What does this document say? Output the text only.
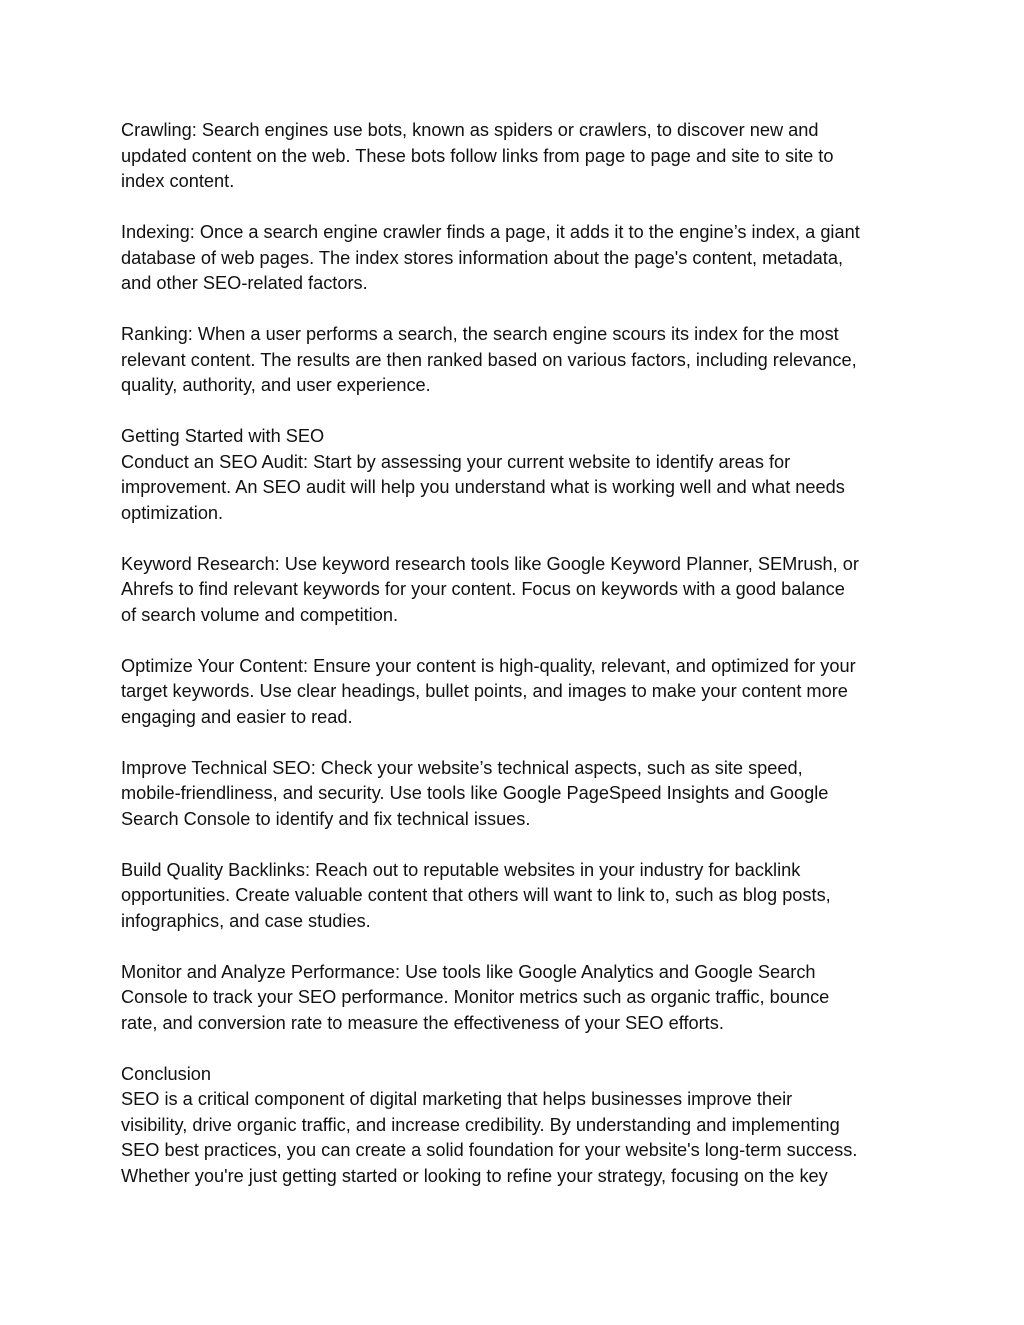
Crawling: Search engines use bots, known as spiders or crawlers, to discover new and
updated content on the web. These bots follow links from page to page and site to site to
index content.

Indexing: Once a search engine crawler finds a page, it adds it to the engine’s index, a giant
database of web pages. The index stores information about the page's content, metadata,
and other SEO-related factors.

Ranking: When a user performs a search, the search engine scours its index for the most
relevant content. The results are then ranked based on various factors, including relevance,
quality, authority, and user experience.

Getting Started with SEO
Conduct an SEO Audit: Start by assessing your current website to identify areas for
improvement. An SEO audit will help you understand what is working well and what needs
optimization.

Keyword Research: Use keyword research tools like Google Keyword Planner, SEMrush, or
Ahrefs to find relevant keywords for your content. Focus on keywords with a good balance
of search volume and competition.

Optimize Your Content: Ensure your content is high-quality, relevant, and optimized for your
target keywords. Use clear headings, bullet points, and images to make your content more
engaging and easier to read.

Improve Technical SEO: Check your website’s technical aspects, such as site speed,
mobile-friendliness, and security. Use tools like Google PageSpeed Insights and Google
Search Console to identify and fix technical issues.

Build Quality Backlinks: Reach out to reputable websites in your industry for backlink
opportunities. Create valuable content that others will want to link to, such as blog posts,
infographics, and case studies.

Monitor and Analyze Performance: Use tools like Google Analytics and Google Search
Console to track your SEO performance. Monitor metrics such as organic traffic, bounce
rate, and conversion rate to measure the effectiveness of your SEO efforts.

Conclusion
SEO is a critical component of digital marketing that helps businesses improve their
visibility, drive organic traffic, and increase credibility. By understanding and implementing
SEO best practices, you can create a solid foundation for your website's long-term success.
Whether you're just getting started or looking to refine your strategy, focusing on the key
